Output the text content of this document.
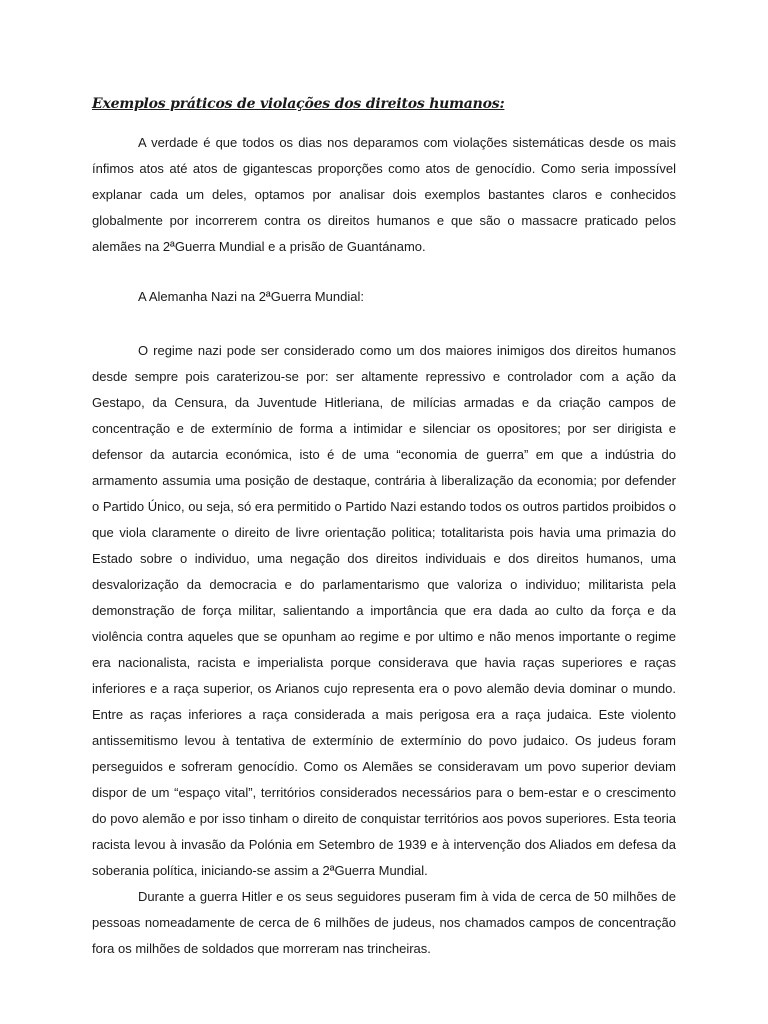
Exemplos práticos de violações dos direitos humanos:

A verdade é que todos os dias nos deparamos com violações sistemáticas desde os mais ínfimos atos até atos de gigantescas proporções como atos de genocídio. Como seria impossível explanar cada um deles, optamos por analisar dois exemplos bastantes claros e conhecidos globalmente por incorrerem contra os direitos humanos e que são o massacre praticado pelos alemães na 2ªGuerra Mundial e a prisão de Guantánamo.

A Alemanha Nazi na 2ªGuerra Mundial:

O regime nazi pode ser considerado como um dos maiores inimigos dos direitos humanos desde sempre pois caraterizou-se por: ser altamente repressivo e controlador com a ação da Gestapo, da Censura, da Juventude Hitleriana, de milícias armadas e da criação campos de concentração e de extermínio de forma a intimidar e silenciar os opositores; por ser dirigista e defensor da autarcia económica, isto é de uma “economia de guerra” em que a indústria do armamento assumia uma posição de destaque, contrária à liberalização da economia; por defender o Partido Único, ou seja, só era permitido o Partido Nazi estando todos os outros partidos proibidos o que viola claramente o direito de livre orientação politica; totalitarista pois havia uma primazia do Estado sobre o individuo, uma negação dos direitos individuais e dos direitos humanos, uma desvalorização da democracia e do parlamentarismo que valoriza o individuo; militarista pela demonstração de força militar, salientando a importância que era dada ao culto da força e da violência contra aqueles que se opunham ao regime e por ultimo e não menos importante o regime era nacionalista, racista e imperialista porque considerava que havia raças superiores e raças inferiores e a raça superior, os Arianos cujo representa era o povo alemão devia dominar o mundo. Entre as raças inferiores a raça considerada a mais perigosa era a raça judaica. Este violento antissemitismo levou à tentativa de extermínio de extermínio do povo judaico. Os judeus foram perseguidos e sofreram genocídio. Como os Alemães se consideravam um povo superior deviam dispor de um “espaço vital”, territórios considerados necessários para o bem-estar e o crescimento do povo alemão e por isso tinham o direito de conquistar territórios aos povos superiores. Esta teoria racista levou à invasão da Polónia em Setembro de 1939 e à intervenção dos Aliados em defesa da soberania política, iniciando-se assim a 2ªGuerra Mundial.

Durante a guerra Hitler e os seus seguidores puseram fim à vida de cerca de 50 milhões de pessoas nomeadamente de cerca de 6 milhões de judeus, nos chamados campos de concentração fora os milhões de soldados que morreram nas trincheiras.
